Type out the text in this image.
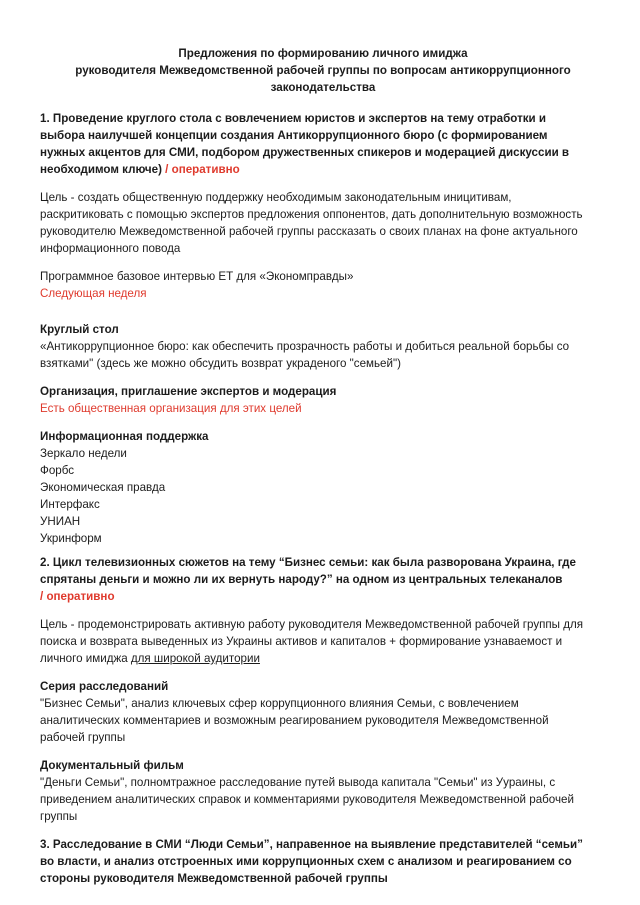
Предложения по формированию личного имиджа
руководителя Межведомственной рабочей группы по вопросам антикоррупционного
законодательства
1. Проведение круглого стола с вовлечением юристов и экспертов на тему отработки и
выбора наилучшей концепции создания Антикоррупционного бюро (с формированием
нужных акцентов для СМИ, подбором дружественных спикеров и модерацией дискуссии в
необходимом ключе) / оперативно
Цель - создать общественную поддержку необходимым законодательным иницитивам,
раскритиковать с помощью экспертов предложения оппонентов, дать дополнительную возможность
руководителю Межведомственной рабочей группы рассказать о своих планах на фоне актуального
информационного повода
Программное базовое интервью ЕТ для «Экономправды»
Следующая неделя
Круглый стол
«Антикоррупционное бюро: как обеспечить прозрачность работы и добиться реальной борьбы со
взятками" (здесь же можно обсудить возврат украденого "семьей")
Организация, приглашение экспертов и модерация
Есть общественная организация для этих целей
Информационная поддержка
Зеркало недели
Форбс
Экономическая правда
Интерфакс
УНИАН
Укринформ
2. Цикл телевизионных сюжетов на тему “Бизнес семьи: как была разворована Украина, где
спрятаны деньги и можно ли их вернуть народу?” на одном из центральных телеканалов
/ оперативно
Цель - продемонстрировать активную работу руководителя Межведомственной рабочей группы для
поиска и возврата выведенных из Украины активов и капиталов + формирование узнаваемост и
личного имиджа для широкой аудитории
Серия расследований
"Бизнес Семьи", анализ ключевых сфер коррупционного влияния Семьи, с вовлечением
аналитических комментариев и возможным реагированием руководителя Межведомственной
рабочей группы
Документальный фильм
"Деньги Семьи", полномтражное расследование путей вывода капитала "Семьи" из Уураины, с
приведением аналитических справок и комментариями руководителя Межведомственной рабочей
группы
3. Расследование в СМИ “Люди Семьи”, направенное на выявление представителей “семьи”
во власти, и анализ отстроенных ими коррупционных схем с анализом и реагированием со
стороны руководителя Межведомственной рабочей группы
